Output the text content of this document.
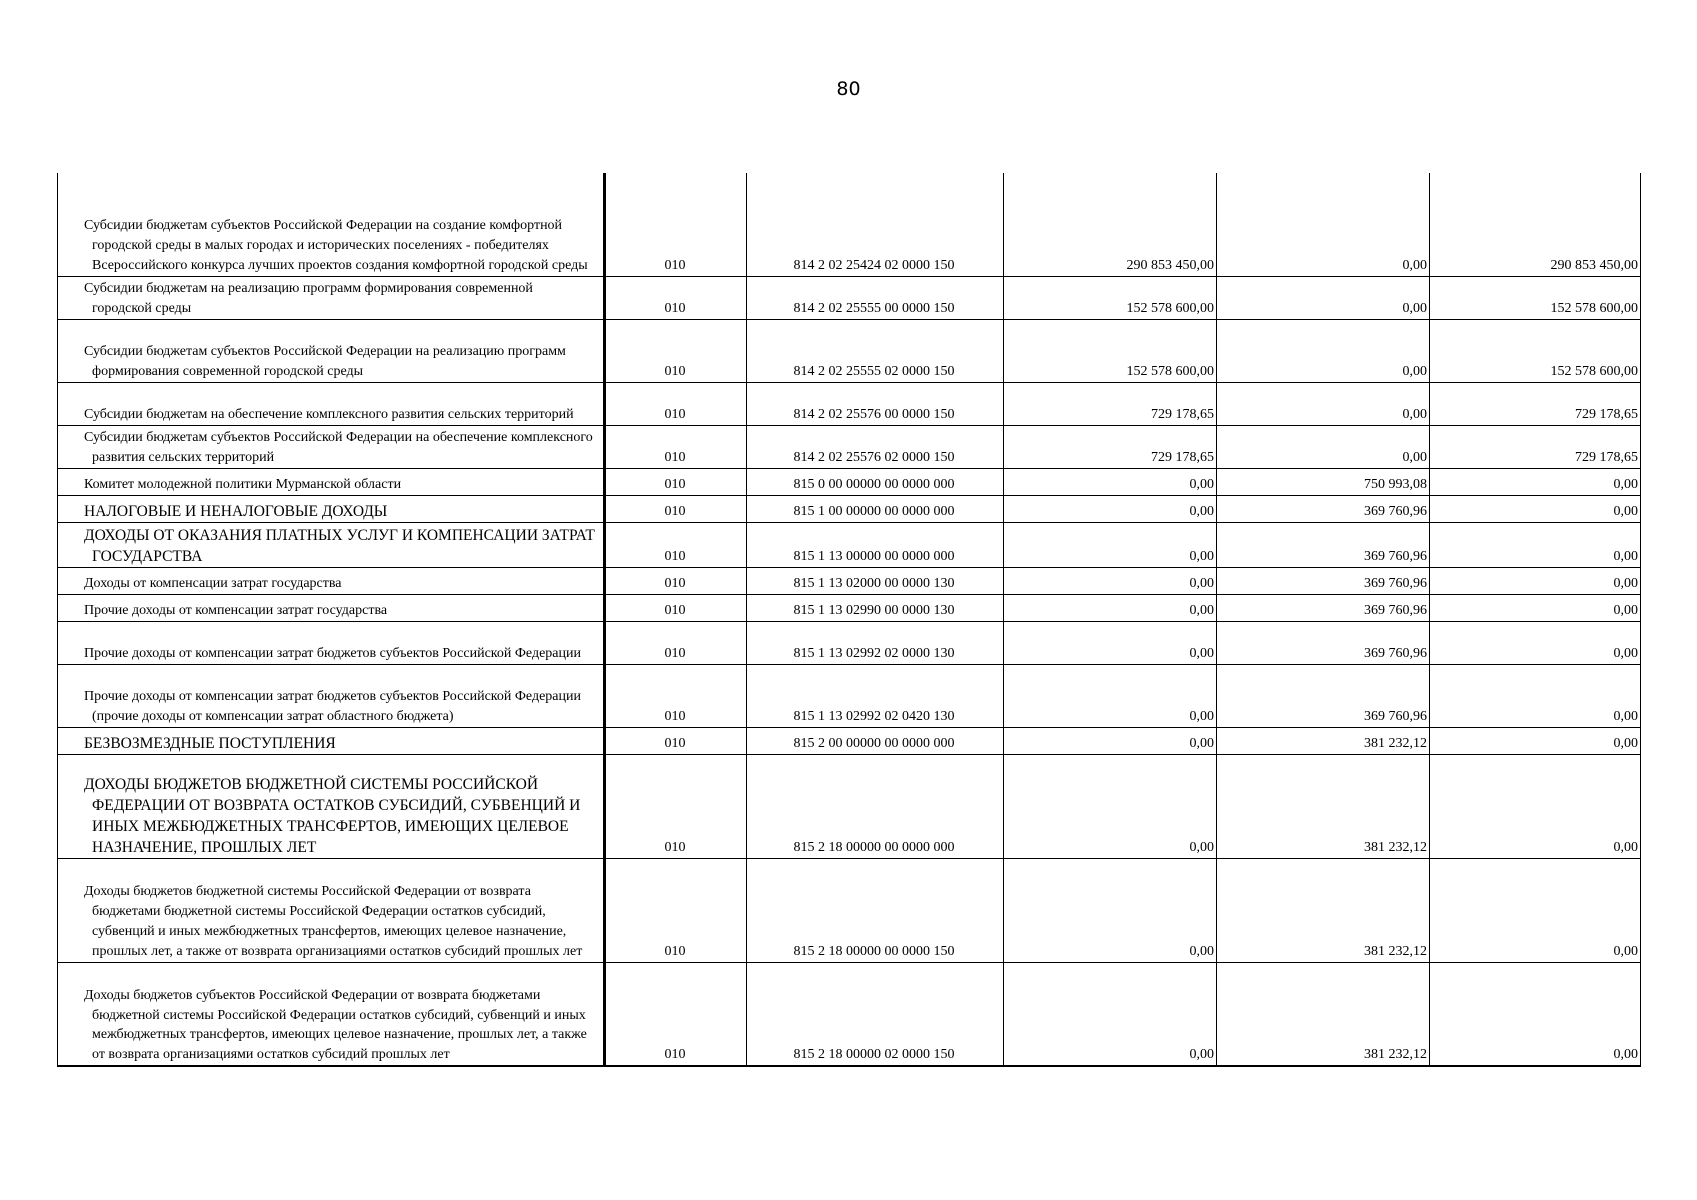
80
Субсидии бюджетам субъектов Российской Федерации на создание комфортной городской среды в малых городах и исторических поселениях - победителях Всероссийского конкурса лучших проектов создания комфортной городской среды	010	814 2 02 25424 02 0000 150	290 853 450,00	0,00	290 853 450,00
Субсидии бюджетам на реализацию программ формирования современной городской среды	010	814 2 02 25555 00 0000 150	152 578 600,00	0,00	152 578 600,00
Субсидии бюджетам субъектов Российской Федерации на реализацию программ формирования современной городской среды	010	814 2 02 25555 02 0000 150	152 578 600,00	0,00	152 578 600,00
Субсидии бюджетам на обеспечение комплексного развития сельских территорий	010	814 2 02 25576 00 0000 150	729 178,65	0,00	729 178,65
Субсидии бюджетам субъектов Российской Федерации на обеспечение комплексного развития сельских территорий	010	814 2 02 25576 02 0000 150	729 178,65	0,00	729 178,65
Комитет молодежной политики Мурманской области	010	815 0 00 00000 00 0000 000	0,00	750 993,08	0,00
НАЛОГОВЫЕ И НЕНАЛОГОВЫЕ ДОХОДЫ	010	815 1 00 00000 00 0000 000	0,00	369 760,96	0,00
ДОХОДЫ ОТ ОКАЗАНИЯ ПЛАТНЫХ УСЛУГ И КОМПЕНСАЦИИ ЗАТРАТ ГОСУДАРСТВА	010	815 1 13 00000 00 0000 000	0,00	369 760,96	0,00
Доходы от компенсации затрат государства	010	815 1 13 02000 00 0000 130	0,00	369 760,96	0,00
Прочие доходы от компенсации затрат государства	010	815 1 13 02990 00 0000 130	0,00	369 760,96	0,00
Прочие доходы от компенсации затрат бюджетов субъектов Российской Федерации	010	815 1 13 02992 02 0000 130	0,00	369 760,96	0,00
Прочие доходы от компенсации затрат бюджетов субъектов Российской Федерации (прочие доходы от компенсации затрат областного бюджета)	010	815 1 13 02992 02 0420 130	0,00	369 760,96	0,00
БЕЗВОЗМЕЗДНЫЕ ПОСТУПЛЕНИЯ	010	815 2 00 00000 00 0000 000	0,00	381 232,12	0,00
ДОХОДЫ БЮДЖЕТОВ БЮДЖЕТНОЙ СИСТЕМЫ РОССИЙСКОЙ ФЕДЕРАЦИИ ОТ ВОЗВРАТА ОСТАТКОВ СУБСИДИЙ, СУБВЕНЦИЙ И ИНЫХ МЕЖБЮДЖЕТНЫХ ТРАНСФЕРТОВ, ИМЕЮЩИХ ЦЕЛЕВОЕ НАЗНАЧЕНИЕ, ПРОШЛЫХ ЛЕТ	010	815 2 18 00000 00 0000 000	0,00	381 232,12	0,00
Доходы бюджетов бюджетной системы Российской Федерации от возврата бюджетами бюджетной системы Российской Федерации остатков субсидий, субвенций и иных межбюджетных трансфертов, имеющих целевое назначение, прошлых лет, а также от возврата организациями остатков субсидий прошлых лет	010	815 2 18 00000 00 0000 150	0,00	381 232,12	0,00
Доходы бюджетов субъектов Российской Федерации от возврата бюджетами бюджетной системы Российской Федерации остатков субсидий, субвенций и иных межбюджетных трансфертов, имеющих целевое назначение, прошлых лет, а также от возврата организациями остатков субсидий прошлых лет	010	815 2 18 00000 02 0000 150	0,00	381 232,12	0,00
